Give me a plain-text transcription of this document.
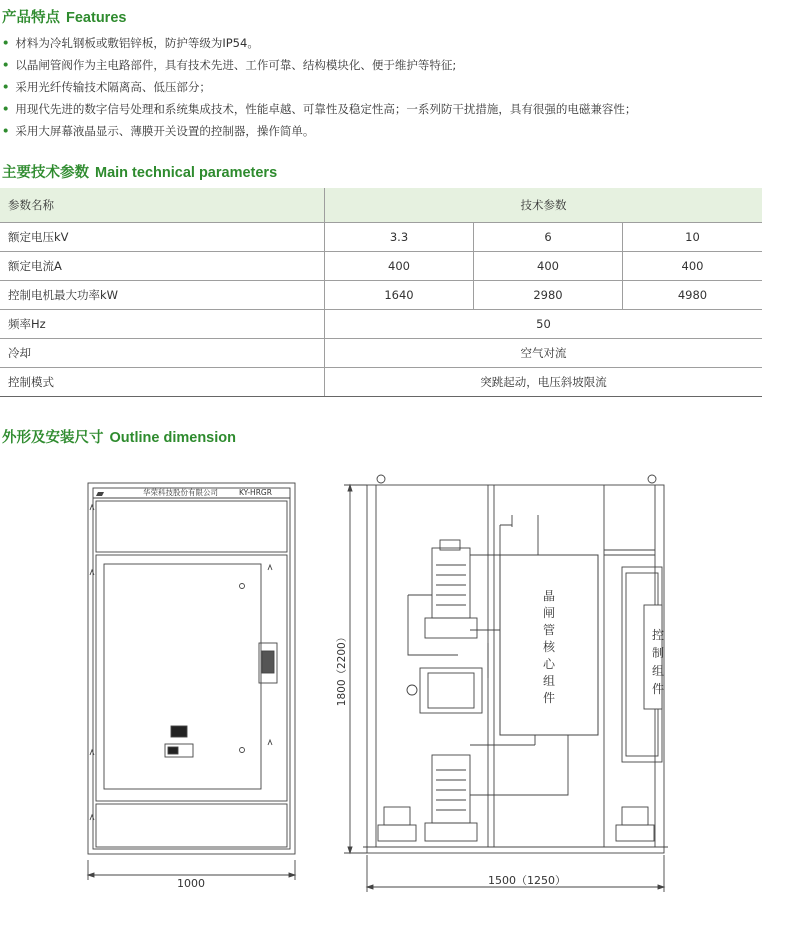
产品特点 Features
• 材料为冷轧钢板或敷铝锌板，防护等级为IP54。
• 以晶闸管阀作为主电路部件，具有技术先进、工作可靠、结构模块化、便于维护等特征;
• 采用光纤传输技术隔离高、低压部分；
• 用现代先进的数字信号处理和系统集成技术，性能卓越、可靠性及稳定性高；一系列防干扰措施，具有很强的电磁兼容性；
• 采用大屏幕液晶显示、薄膜开关设置的控制器，操作简单。
主要技术参数 Main technical parameters
参数名称	技术参数		
额定电压kV	3.3	6	10
额定电流A	400	400	400
控制电机最大功率kW	1640	2980	4980
频率Hz	50		
冷却	空气对流		
控制模式	突跳起动，电压斜坡限流		
外形及安装尺寸 Outline dimension
华荣科技股份有限公司	KY-HRGR
1000
1800（2200）
1500（1250）
晶
闸
管
核
心
组
件
控
制
组
件
